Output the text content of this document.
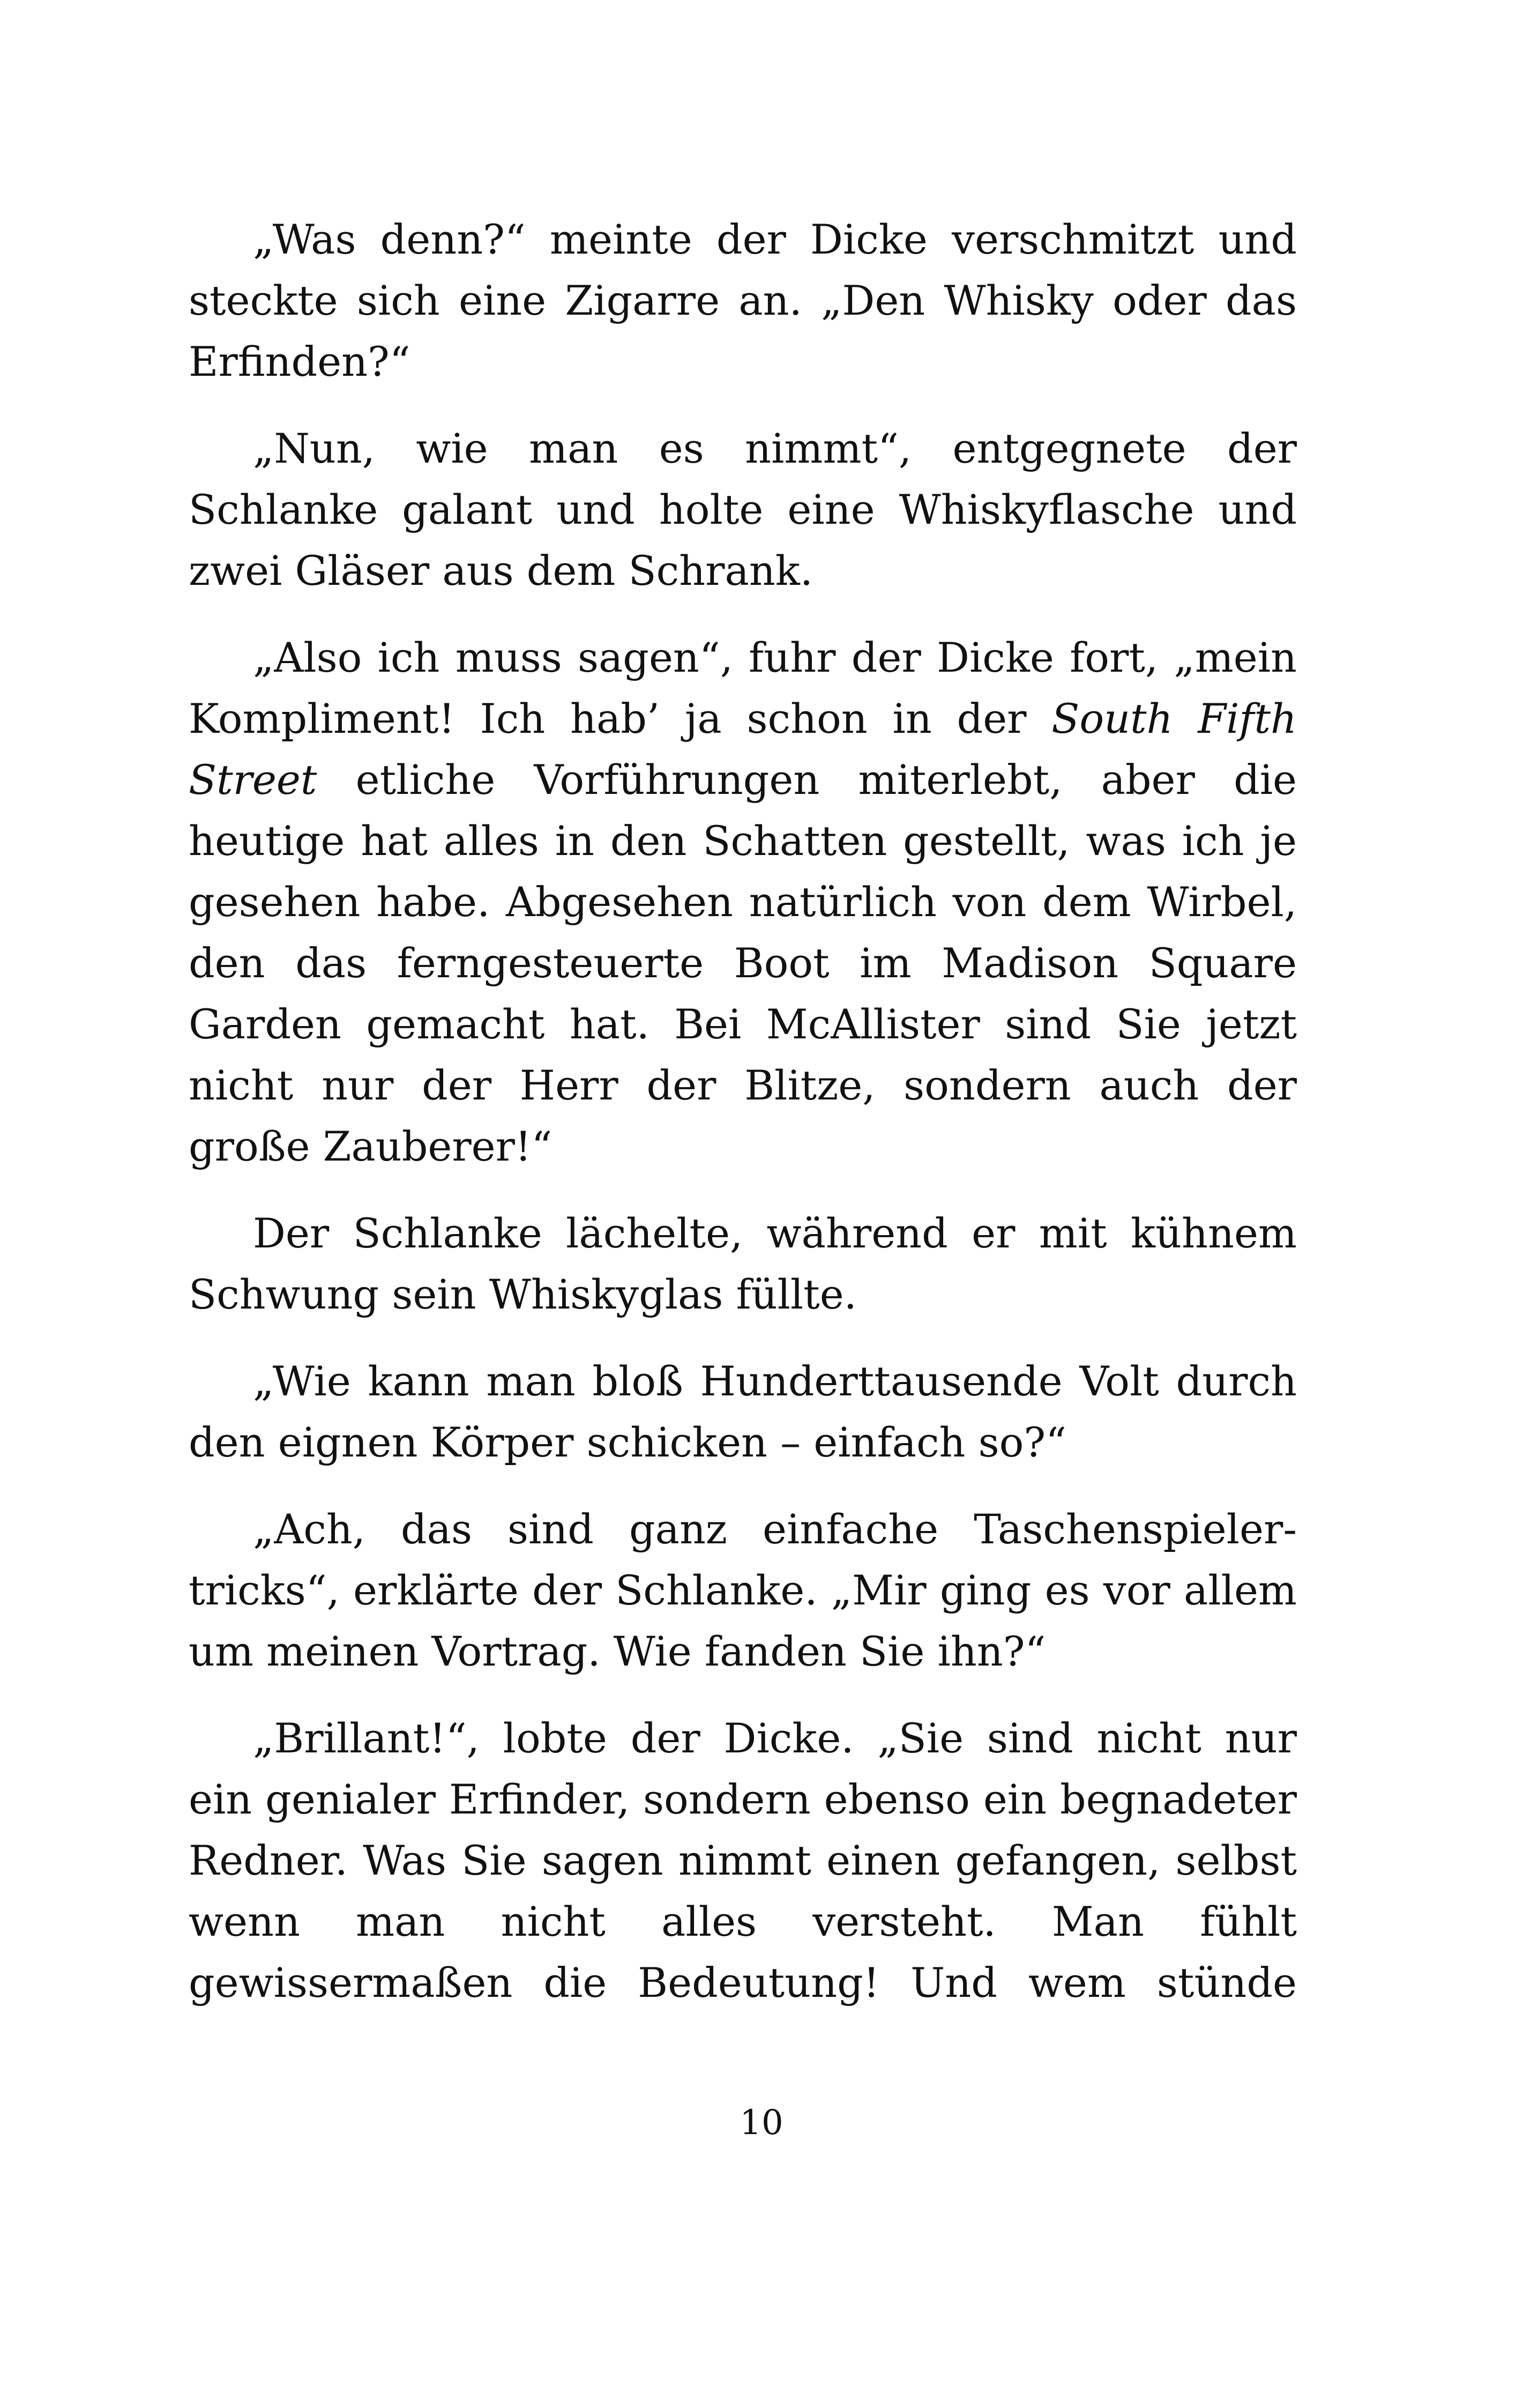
„Was denn?“ meinte der Dicke verschmitzt und steckte sich eine Zigarre an. „Den Whisky oder das Erfinden?“

„Nun, wie man es nimmt“, entgegnete der Schlanke galant und holte eine Whiskyflasche und zwei Gläser aus dem Schrank.

„Also ich muss sagen“, fuhr der Dicke fort, „mein Kompliment! Ich hab’ ja schon in der South Fifth Street etliche Vorführungen miterlebt, aber die heutige hat alles in den Schatten gestellt, was ich je gesehen habe. Abgesehen natürlich von dem Wirbel, den das ferngesteuerte Boot im Madison Square Garden gemacht hat. Bei McAllister sind Sie jetzt nicht nur der Herr der Blitze, sondern auch der große Zauberer!“

Der Schlanke lächelte, während er mit kühnem Schwung sein Whiskyglas füllte.

„Wie kann man bloß Hunderttausende Volt durch den eignen Körper schicken – einfach so?“

„Ach, das sind ganz einfache Taschenspielertricks“, erklärte der Schlanke. „Mir ging es vor allem um meinen Vortrag. Wie fanden Sie ihn?“

„Brillant!“, lobte der Dicke. „Sie sind nicht nur ein genialer Erfinder, sondern ebenso ein begnadeter Redner. Was Sie sagen nimmt einen gefangen, selbst wenn man nicht alles versteht. Man fühlt gewissermaßen die Bedeutung! Und wem stünde

10
